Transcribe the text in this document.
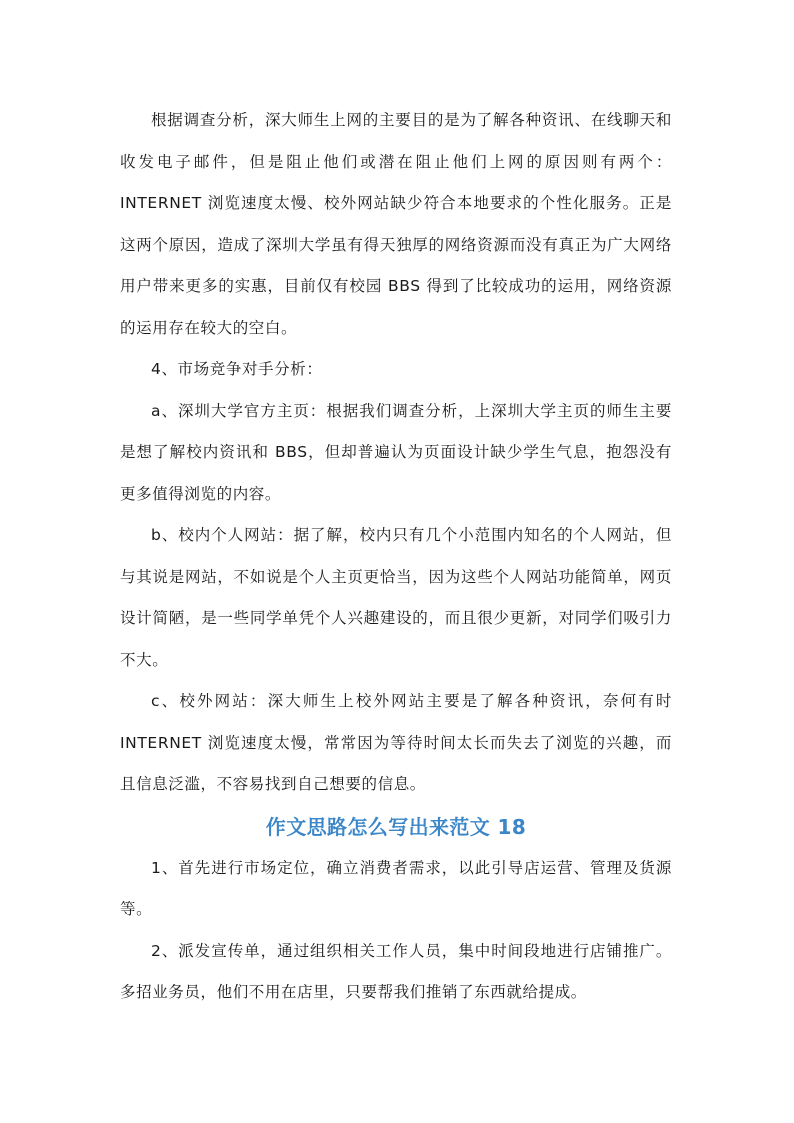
根据调查分析，深大师生上网的主要目的是为了解各种资讯、在线聊天和收发电子邮件，但是阻止他们或潜在阻止他们上网的原因则有两个：INTERNET 浏览速度太慢、校外网站缺少符合本地要求的个性化服务。正是这两个原因，造成了深圳大学虽有得天独厚的网络资源而没有真正为广大网络用户带来更多的实惠，目前仅有校园 BBS 得到了比较成功的运用，网络资源的运用存在较大的空白。

4、市场竞争对手分析：

a、深圳大学官方主页：根据我们调查分析，上深圳大学主页的师生主要是想了解校内资讯和 BBS，但却普遍认为页面设计缺少学生气息，抱怨没有更多值得浏览的内容。

b、校内个人网站：据了解，校内只有几个小范围内知名的个人网站，但与其说是网站，不如说是个人主页更恰当，因为这些个人网站功能简单，网页设计简陋，是一些同学单凭个人兴趣建设的，而且很少更新，对同学们吸引力不大。

c、校外网站：深大师生上校外网站主要是了解各种资讯，奈何有时INTERNET 浏览速度太慢，常常因为等待时间太长而失去了浏览的兴趣，而且信息泛滥，不容易找到自己想要的信息。

作文思路怎么写出来范文 18

1、首先进行市场定位，确立消费者需求，以此引导店运营、管理及货源等。

2、派发宣传单，通过组织相关工作人员，集中时间段地进行店铺推广。多招业务员，他们不用在店里，只要帮我们推销了东西就给提成。
